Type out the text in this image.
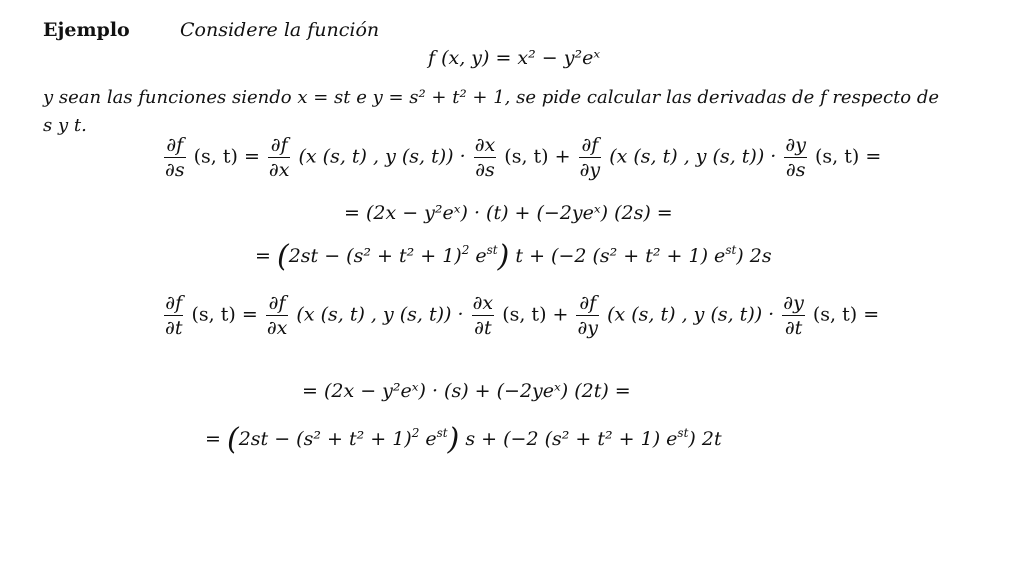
Ejemplo	Considere la función
f (x, y) = x² − y²eˣ
y sean las funciones siendo x = st e y = s² + t² + 1, se pide calcular las derivadas de f respecto de
s y t.
$\frac{\partial f}{\partial s} (s$, $t) = \frac{\partial f}{\partial x} (x$ (s, t) , y (s, $t)) \cdot \frac{\partial x}{\partial s} (s$, $t) + \frac{\partial f}{\partial y} (x$ (s, t) , y (s, $t)) \cdot \frac{\partial y}{\partial s} (s$, t) =
= (2x − y²eˣ) · (t) + (−2yeˣ) (2s) =
= ($2st - (s^2 + t^2 + 1)^2$ $e^{st}$) t + (−2 (s² + t² + 1) $e^{st}$) 2s
$\frac{\partial f}{\partial t} (s$, $t) = \frac{\partial f}{\partial x} (x$ (s, t) , y (s, $t)) \cdot \frac{\partial x}{\partial t} (s$, $t) + \frac{\partial f}{\partial y} (x$ (s, t) , y (s, $t)) \cdot \frac{\partial y}{\partial t} (s$, t) =
= (2x − y²eˣ) · (s) + (−2yeˣ) (2t) =
= ($2st - (s^2 + t^2 + 1)^2$ $e^{st}$) s + (−2 (s² + t² + 1) $e^{st}$) 2t
